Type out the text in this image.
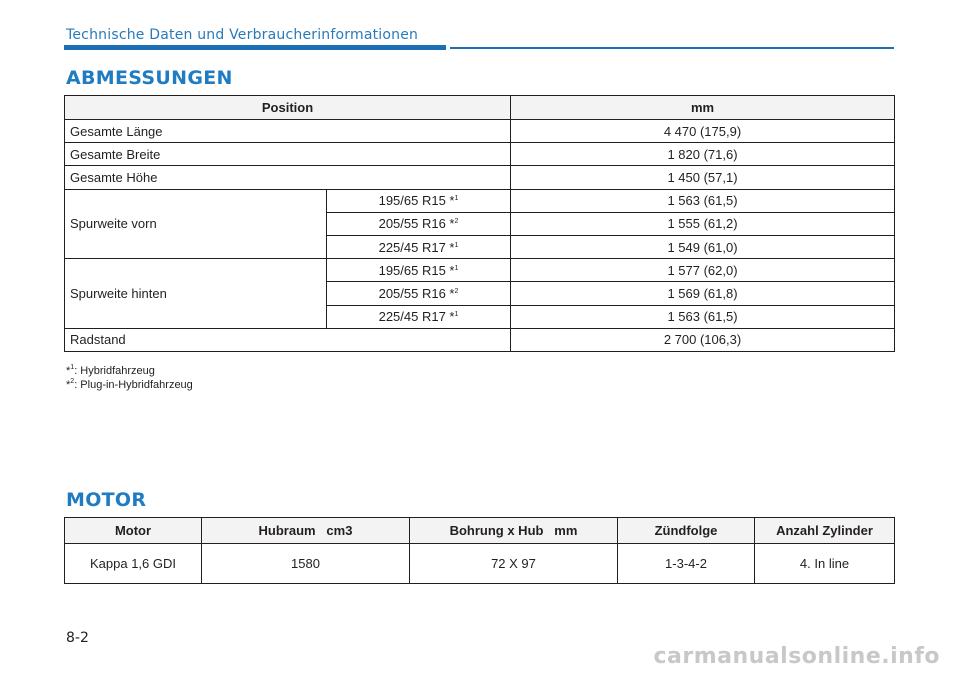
Technische Daten und Verbraucherinformationen
ABMESSUNGEN
Position		mm
Gesamte Länge		4 470 (175,9)
Gesamte Breite		1 820 (71,6)
Gesamte Höhe		1 450 (57,1)
Spurweite vorn	195/65 R15 *$^1$	1 563 (61,5)
	205/55 R16 *$^2$	1 555 (61,2)
	225/45 R17 *$^1$	1 549 (61,0)
Spurweite hinten	195/65 R15 *$^1$	1 577 (62,0)
	205/55 R16 *$^2$	1 569 (61,8)
	225/45 R17 *$^1$	1 563 (61,5)
Radstand		2 700 (106,3)
*$^1$: Hybridfahrzeug
*$^2$: Plug-in-Hybridfahrzeug
MOTOR
Motor	Hubraum   cm3	Bohrung x Hub   mm	Zündfolge	Anzahl Zylinder
Kappa 1,6 GDI	1580	72 X 97	1-3-4-2	4. In line
8-2
carmanualsonline.info
